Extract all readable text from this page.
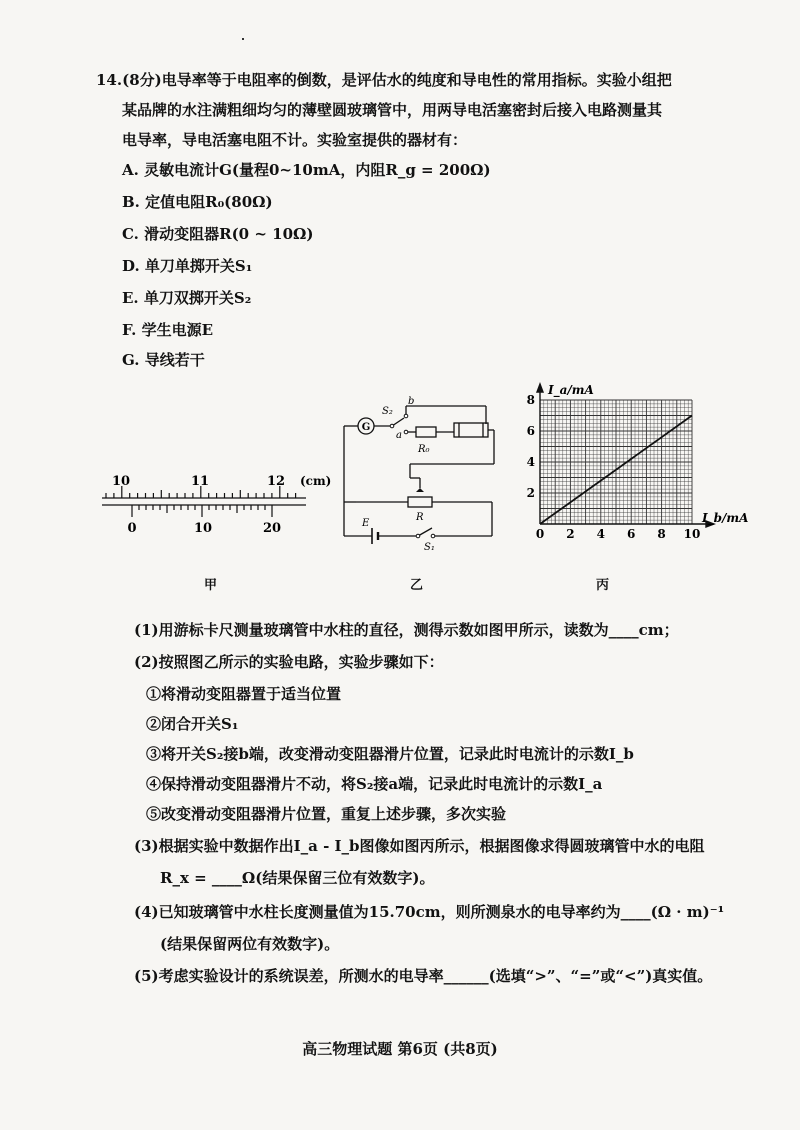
14.(8分)电导率等于电阻率的倒数，是评估水的纯度和导电性的常用指标。实验小组把
某品牌的水注满粗细均匀的薄壁圆玻璃管中，用两导电活塞密封后接入电路测量其
电导率，导电活塞电阻不计。实验室提供的器材有：
A. 灵敏电流计G(量程0~10mA，内阻R_g = 200Ω)
B. 定值电阻R₀(80Ω)
C. 滑动变阻器R(0 ~ 10Ω)
D. 单刀单掷开关S₁
E. 单刀双掷开关S₂
F. 学生电源E
G. 导线若干
10	11	12 (cm)
0	10	20
G
S₂
b
a
R₀
R
E
S₁
0 2 4 6 8 10
2
4
6
8
I_a/mA
I_b/mA
甲	乙	丙
(1)用游标卡尺测量玻璃管中水柱的直径，测得示数如图甲所示，读数为____cm；
(2)按照图乙所示的实验电路，实验步骤如下：
①将滑动变阻器置于适当位置
②闭合开关S₁
③将开关S₂接b端，改变滑动变阻器滑片位置，记录此时电流计的示数I_b
④保持滑动变阻器滑片不动，将S₂接a端，记录此时电流计的示数I_a
⑤改变滑动变阻器滑片位置，重复上述步骤，多次实验
(3)根据实验中数据作出I_a - I_b图像如图丙所示，根据图像求得圆玻璃管中水的电阻
R_x = ____Ω(结果保留三位有效数字)。
(4)已知玻璃管中水柱长度测量值为15.70cm，则所测泉水的电导率约为____(Ω · m)⁻¹
(结果保留两位有效数字)。
(5)考虑实验设计的系统误差，所测水的电导率______(选填“>”、“=”或“<”)真实值。
高三物理试题 第6页 (共8页)
